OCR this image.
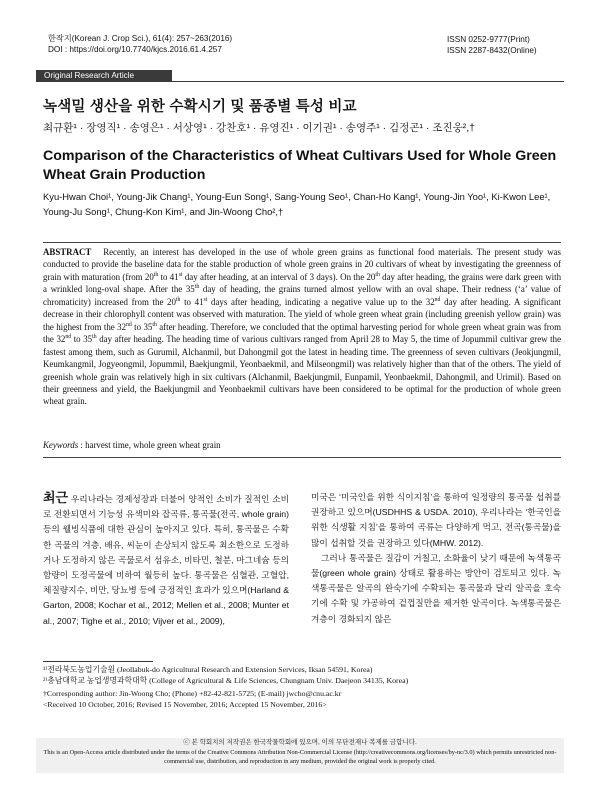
한작지(Korean J. Crop Sci.), 61(4): 257~263(2016)
DOI : https://doi.org/10.7740/kjcs.2016.61.4.257
ISSN 0252-9777(Print)
ISSN 2287-8432(Online)
Original Research Article
녹색밀 생산을 위한 수확시기 및 품종별 특성 비교
최규환¹ · 장영직¹ · 송영은¹ · 서상영¹ · 강찬호¹ · 유영진¹ · 이기권¹ · 송영주¹ · 김정곤¹ · 조진웅²,†
Comparison of the Characteristics of Wheat Cultivars Used for Whole Green Wheat Grain Production
Kyu-Hwan Choi¹, Young-Jik Chang¹, Young-Eun Song¹, Sang-Young Seo¹, Chan-Ho Kang¹, Young-Jin Yoo¹, Ki-Kwon Lee¹, Young-Ju Song¹, Chung-Kon Kim¹, and Jin-Woong Cho²,†
ABSTRACT Recently, an interest has developed in the use of whole green grains as functional food materials. The present study was conducted to provide the baseline data for the stable production of whole green grains in 20 cultivars of wheat by investigating the greenness of grain with maturation (from 20th to 41st day after heading, at an interval of 3 days). On the 20th day after heading, the grains were dark green with a wrinkled long-oval shape. After the 35th day of heading, the grains turned almost yellow with an oval shape. Their redness (‘a’ value of chromaticity) increased from the 20th to 41st days after heading, indicating a negative value up to the 32nd day after heading. A significant decrease in their chlorophyll content was observed with maturation. The yield of whole green wheat grain (including greenish yellow grain) was the highest from the 32nd to 35th after heading. Therefore, we concluded that the optimal harvesting period for whole green wheat grain was from the 32nd to 35th day after heading. The heading time of various cultivars ranged from April 28 to May 5, the time of Jopummil cultivar grew the fastest among them, such as Gurumil, Alchanmil, but Dahongmil got the latest in heading time. The greenness of seven cultivars (Jeokjungmil, Keumkangmil, Jogyeongmil, Jopummil, Baekjungmil, Yeonbaekmil, and Milseongmil) was relatively higher than that of the others. The yield of greenish whole grain was relatively high in six cultivars (Alchanmil, Baekjungmil, Eunpamil, Yeonbaekmil, Dahongmil, and Urimil). Based on their greenness and yield, the Baekjungmil and Yeonbaekmil cultivars have been considered to be optimal for the production of whole green wheat grain.
Keywords : harvest time, whole green wheat grain
최근 우리나라는 경제성장과 더불어 양적인 소비가 질적인 소비로 전환되면서 기능성 유색미와 잡곡류, 통곡물(전곡, whole grain) 등의 웰빙식품에 대한 관심이 높아지고 있다. 특히, 통곡물은 수확한 곡물의 겨층, 배유, 씨눈이 손상되지 않도록 최소한으로 도정하거나 도정하지 않은 곡물로서 섬유소, 비타민, 철분, 마그네슘 등의 함량이 도정곡물에 비하여 월등히 높다. 통곡물은 심혈관, 고혈압, 체질량지수, 비만, 당뇨병 등에 긍정적인 효과가 있으며(Harland & Garton, 2008; Kochar et al., 2012; Mellen et al., 2008; Munter et al., 2007; Tighe et al., 2010; Vijver et al., 2009),
미국은 ‘미국인을 위한 식이지침’을 통하여 일정량의 통곡물 섭취를 권장하고 있으며(USDHHS & USDA. 2010), 우리나라는 ‘한국인을 위한 식생활 지침’을 통하여 곡류는 다양하게 먹고, 전곡(통곡물)을 많이 섭취할 것을 권장하고 있다(MHW. 2012).
그러나 통곡물은 질감이 거칠고, 소화율이 낮기 때문에 녹색통곡물(green whole grain) 상태로 활용하는 방안이 검토되고 있다. 녹색통곡물은 알곡의 완숙기에 수확되는 통곡물과 달리 알곡을 호숙기에 수확 및 가공하여 겉껍질만을 제거한 알곡이다. 녹색통곡물은 겨층이 경화되지 않은
¹⁾전라북도농업기술원 (Jeollabuk-do Agricultural Research and Extension Services, Iksan 54591, Korea)
²⁾충남대학교 농업생명과학대학 (College of Agricultural & Life Sciences, Chungnam Univ. Daejeon 34135, Korea)
†Corresponding author: Jin-Woong Cho; (Phone) +82-42-821-5725; (E-mail) jwcho@cnu.ac.kr
<Received 10 October, 2016; Revised 15 November, 2016; Accepted 15 November, 2016>
ⓒ 본 학회지의 저작권은 한국작물학회에 있으며, 이의 무단전재나 복제를 금합니다.
This is an Open-Access article distributed under the terms of the Creative Commons Attribution Non-Commercial License (http://creativecommons.org/licenses/by-nc/3.0) which permits unrestricted non-commercial use, distribution, and reproduction in any medium, provided the original work is properly cited.
